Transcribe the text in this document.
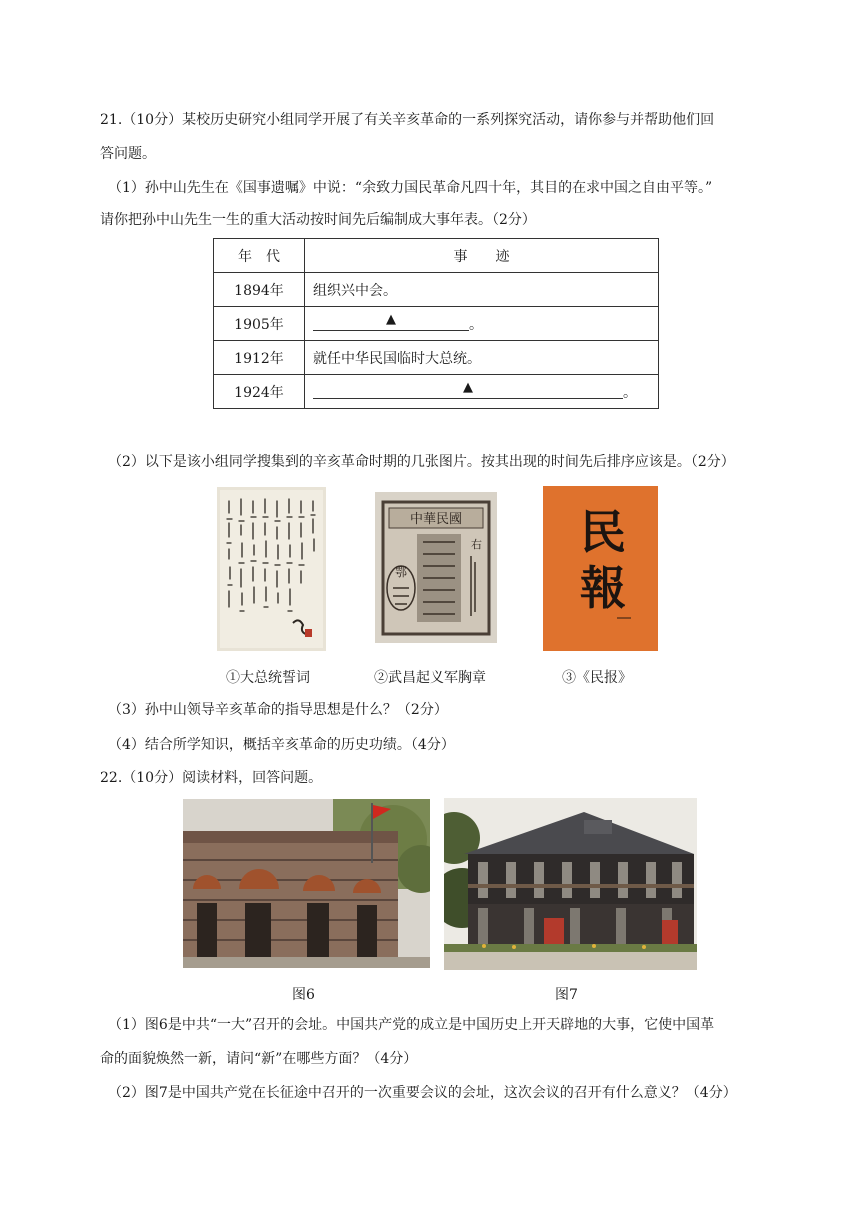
21.（10分）某校历史研究小组同学开展了有关辛亥革命的一系列探究活动，请你参与并帮助他们回
答问题。
（1）孙中山先生在《国事遗嘱》中说：“余致力国民革命凡四十年，其目的在求中国之自由平等。”
请你把孙中山先生一生的重大活动按时间先后编制成大事年表。（2分）
年　代	事　　迹
1894年	组织兴中会。
1905年	▲ 。
1912年	就任中华民国临时大总统。
1924年	▲ 。
（2）以下是该小组同学搜集到的辛亥革命时期的几张图片。按其出现的时间先后排序应该是。（2分）
①大总统誓词
中華民國
右
鄂
②武昌起义军胸章
民
報
③《民报》
（3）孙中山领导辛亥革命的指导思想是什么？（2分）
（4）结合所学知识，概括辛亥革命的历史功绩。（4分）
22.（10分）阅读材料，回答问题。
图6	图7
（1）图6是中共“一大”召开的会址。中国共产党的成立是中国历史上开天辟地的大事，它使中国革
命的面貌焕然一新，请问“新”在哪些方面？（4分）
（2）图7是中国共产党在长征途中召开的一次重要会议的会址，这次会议的召开有什么意义？（4分）
